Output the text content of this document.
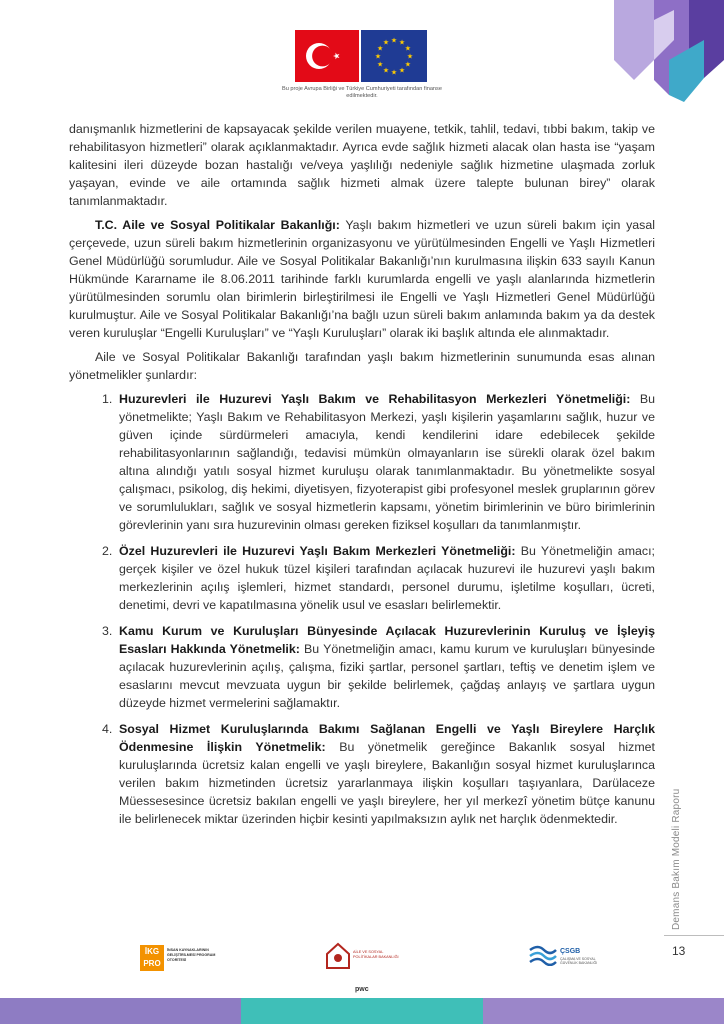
★ ★
★
★
★
★
★
★
★
★
★
★
Bu proje Avrupa Birliği ve Türkiye Cumhuriyeti tarafından finanse edilmektedir.

danışmanlık hizmetlerini de kapsayacak şekilde verilen muayene, tetkik, tahlil, tedavi, tıbbi bakım, takip ve rehabilitasyon hizmetleri” olarak açıklanmaktadır. Ayrıca evde sağlık hizmeti alacak olan hasta ise “yaşam kalitesini ileri düzeyde bozan hastalığı ve/veya yaşlılığı nedeniyle sağlık hizmetine ulaşmada zorluk yaşayan, evinde ve aile ortamında sağlık hizmeti almak üzere talepte bulunan birey” olarak tanımlanmaktadır.

T.C. Aile ve Sosyal Politikalar Bakanlığı: Yaşlı bakım hizmetleri ve uzun süreli bakım için yasal çerçevede, uzun süreli bakım hizmetlerinin organizasyonu ve yürütülmesinden Engelli ve Yaşlı Hizmetleri Genel Müdürlüğü sorumludur. Aile ve Sosyal Politikalar Bakanlığı’nın kurulmasına ilişkin 633 sayılı Kanun Hükmünde Kararname ile 8.06.2011 tarihinde farklı kurumlarda engelli ve yaşlı alanlarında hizmetlerin yürütülmesinden sorumlu olan birimlerin birleştirilmesi ile Engelli ve Yaşlı Hizmetleri Genel Müdürlüğü kurulmuştur. Aile ve Sosyal Politikalar Bakanlığı’na bağlı uzun süreli bakım anlamında bakım ya da destek veren kuruluşlar “Engelli Kuruluşları” ve “Yaşlı Kuruluşları” olarak iki başlık altında ele alınmaktadır.

Aile ve Sosyal Politikalar Bakanlığı tarafından yaşlı bakım hizmetlerinin sunumunda esas alınan yönetmelikler şunlardır:

1. Huzurevleri ile Huzurevi Yaşlı Bakım ve Rehabilitasyon Merkezleri Yönetmeliği: Bu yönetmelikte; Yaşlı Bakım ve Rehabilitasyon Merkezi, yaşlı kişilerin yaşamlarını sağlık, huzur ve güven içinde sürdürmeleri amacıyla, kendi kendilerini idare edebilecek şekilde rehabilitasyonlarının sağlandığı, tedavisi mümkün olmayanların ise sürekli olarak özel bakım altına alındığı yatılı sosyal hizmet kuruluşu olarak tanımlanmaktadır. Bu yönetmelikte sosyal çalışmacı, psikolog, diş hekimi, diyetisyen, fizyoterapist gibi profesyonel meslek gruplarının görev ve sorumlulukları, sağlık ve sosyal hizmetlerin kapsamı, yönetim birimlerinin ve büro birimlerinin görevlerinin yanı sıra huzurevinin olması gereken fiziksel koşulları da tanımlanmıştır.
2. Özel Huzurevleri ile Huzurevi Yaşlı Bakım Merkezleri Yönetmeliği: Bu Yönetmeliğin amacı; gerçek kişiler ve özel hukuk tüzel kişileri tarafından açılacak huzurevi ile huzurevi yaşlı bakım merkezlerinin açılış işlemleri, hizmet standardı, personel durumu, işletilme koşulları, ücreti, denetimi, devri ve kapatılmasına yönelik usul ve esasları belirlemektir.
3. Kamu Kurum ve Kuruluşları Bünyesinde Açılacak Huzurevlerinin Kuruluş ve İşleyiş Esasları Hakkında Yönetmelik: Bu Yönetmeliğin amacı, kamu kurum ve kuruluşları bünyesinde açılacak huzurevlerinin açılış, çalışma, fiziki şartlar, personel şartları, teftiş ve denetim işlem ve esaslarını mevcut mevzuata uygun bir şekilde belirlemek, çağdaş anlayış ve şartlara uygun düzeyde hizmet vermelerini sağlamaktır.
4. Sosyal Hizmet Kuruluşlarında Bakımı Sağlanan Engelli ve Yaşlı Bireylere Harçlık Ödenmesine İlişkin Yönetmelik: Bu yönetmelik gereğince Bakanlık sosyal hizmet kuruluşlarında ücretsiz kalan engelli ve yaşlı bireylere, Bakanlığın sosyal hizmet kuruluşlarınca verilen bakım hizmetinden ücretsiz yararlanmaya ilişkin koşulları taşıyanlara, Darülaceze Müessesesince ücretsiz bakılan engelli ve yaşlı bireylere, her yıl merkezî yönetim bütçe kanunu ile belirlenecek miktar üzerinden hiçbir kesinti yapılmaksızın aylık net harçlık ödenmektedir.	Demans Bakım Modeli Raporu
13
İKG PRO
İNSAN KAYNAKLARININ GELİŞTİRİLMESİ PROGRAM OTORİTESİ
AİLE VE SOSYAL POLİTİKALAR BAKANLIĞI
pwc
ÇSGB
ÇALIŞMA VE SOSYAL GÜVENLİK BAKANLIĞI
